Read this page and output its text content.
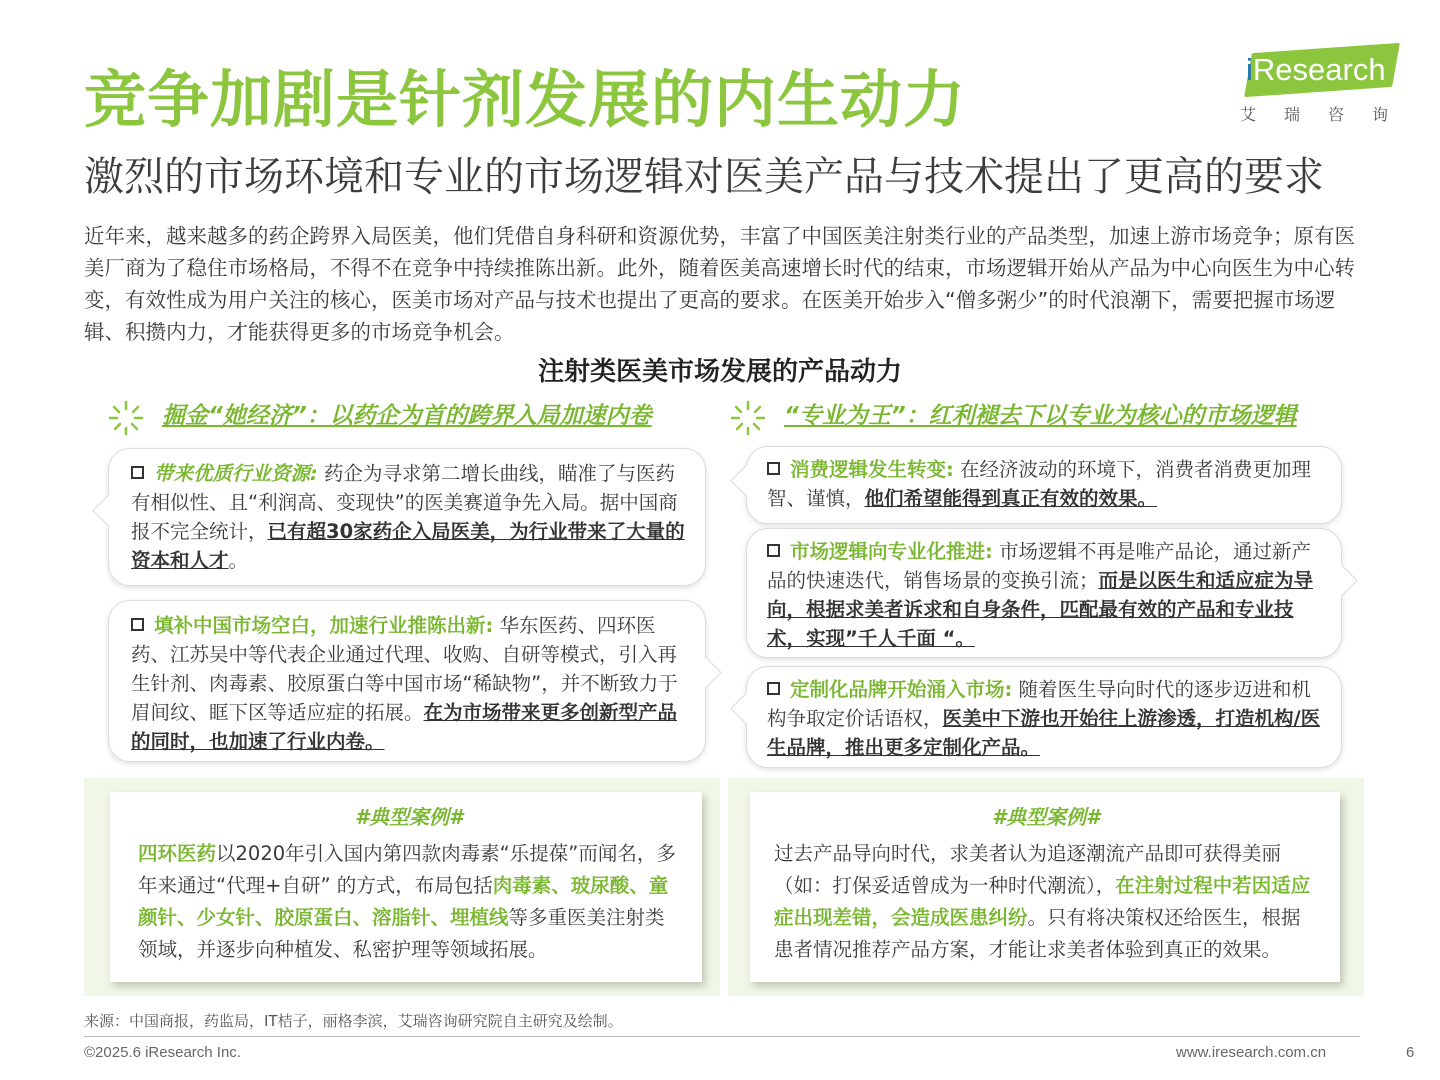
竞争加剧是针剂发展的内生动力
激烈的市场环境和专业的市场逻辑对医美产品与技术提出了更高的要求
iResearch
艾瑞咨询
近年来，越来越多的药企跨界入局医美，他们凭借自身科研和资源优势，丰富了中国医美注射类行业的产品类型，加速上游市场竞争；原有医美厂商为了稳住市场格局，不得不在竞争中持续推陈出新。此外，随着医美高速增长时代的结束，市场逻辑开始从产品为中心向医生为中心转变，有效性成为用户关注的核心，医美市场对产品与技术也提出了更高的要求。在医美开始步入“僧多粥少”的时代浪潮下，需要把握市场逻辑、积攒内力，才能获得更多的市场竞争机会。
注射类医美市场发展的产品动力
掘金“她经济”：以药企为首的跨界入局加速内卷	“专业为王”：红利褪去下以专业为核心的市场逻辑
带来优质行业资源: 药企为寻求第二增长曲线，瞄准了与医药有相似性、且“利润高、变现快”的医美赛道争先入局。据中国商报不完全统计，已有超30家药企入局医美，为行业带来了大量的资本和人才。
填补中国市场空白，加速行业推陈出新: 华东医药、四环医药、江苏吴中等代表企业通过代理、收购、自研等模式，引入再生针剂、肉毒素、胶原蛋白等中国市场“稀缺物”，并不断致力于眉间纹、眶下区等适应症的拓展。在为市场带来更多创新型产品的同时，也加速了行业内卷。
消费逻辑发生转变: 在经济波动的环境下，消费者消费更加理智、谨慎，他们希望能得到真正有效的效果。
市场逻辑向专业化推进: 市场逻辑不再是唯产品论，通过新产品的快速迭代，销售场景的变换引流；而是以医生和适应症为导向，根据求美者诉求和自身条件，匹配最有效的产品和专业技术，实现”千人千面 “。
定制化品牌开始涌入市场: 随着医生导向时代的逐步迈进和机构争取定价话语权，医美中下游也开始往上游渗透，打造机构/医生品牌，推出更多定制化产品。
#典型案例#
四环医药以2020年引入国内第四款肉毒素“乐提葆”而闻名，多年来通过“代理+自研” 的方式，布局包括肉毒素、玻尿酸、童颜针、少女针、胶原蛋白、溶脂针、埋植线等多重医美注射类领域，并逐步向种植发、私密护理等领域拓展。
#典型案例#
过去产品导向时代，求美者认为追逐潮流产品即可获得美丽（如：打保妥适曾成为一种时代潮流），在注射过程中若因适应症出现差错，会造成医患纠纷。只有将决策权还给医生，根据患者情况推荐产品方案，才能让求美者体验到真正的效果。
来源：中国商报，药监局，IT桔子，丽格李滨，艾瑞咨询研究院自主研究及绘制。
©2025.6 iResearch Inc.	www.iresearch.com.cn	6
